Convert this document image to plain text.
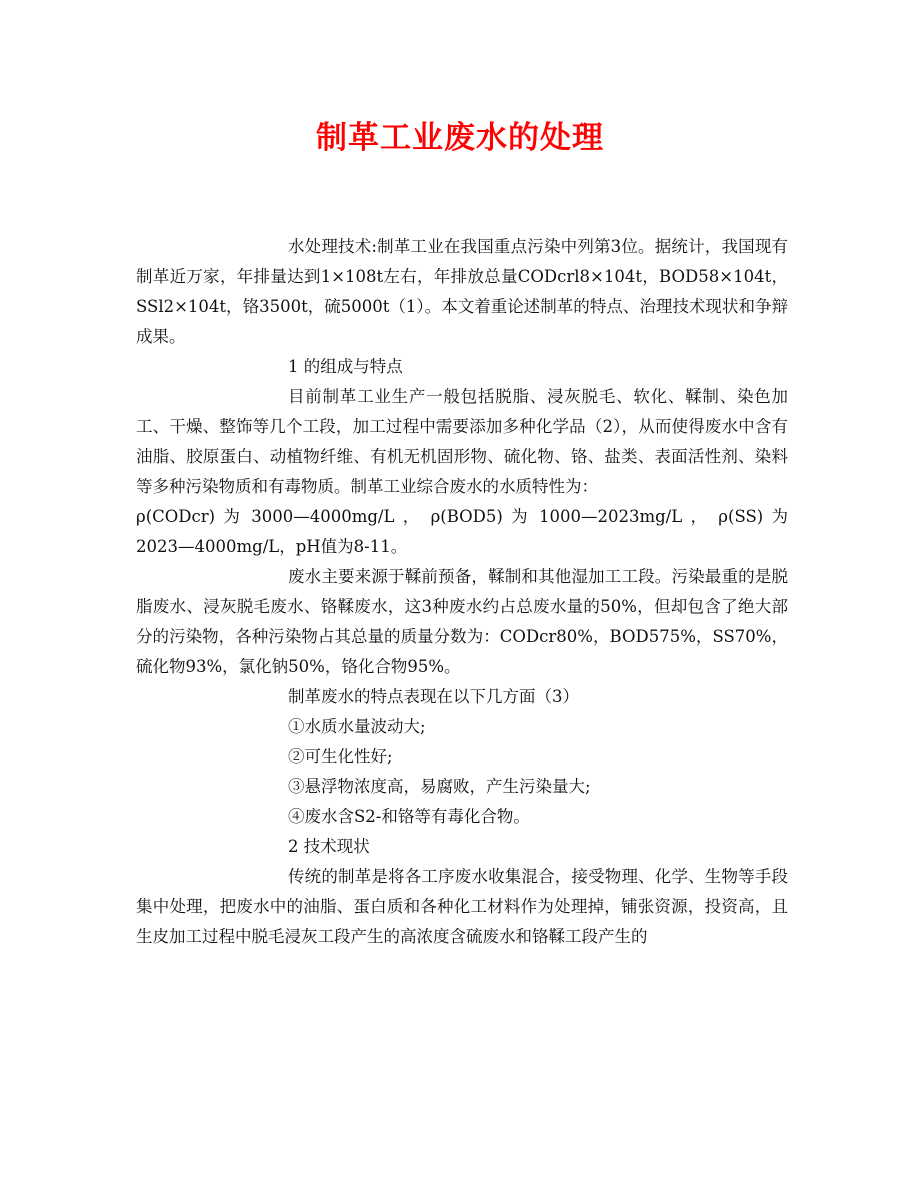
制革工业废水的处理

水处理技术:制革工业在我国重点污染中列第3位。据统计，我国现有制革近万家，年排量达到1×108t左右，年排放总量CODcrl8×104t，BOD58×104t，SSl2×104t，铬3500t，硫5000t（1）。本文着重论述制革的特点、治理技术现状和争辩成果。

1 的组成与特点

目前制革工业生产一般包括脱脂、浸灰脱毛、软化、鞣制、染色加工、干燥、整饰等几个工段，加工过程中需要添加多种化学品（2），从而使得废水中含有油脂、胶原蛋白、动植物纤维、有机无机固形物、硫化物、铬、盐类、表面活性剂、染料等多种污染物质和有毒物质。制革工业综合废水的水质特性为：

ρ(CODcr) 为 3000—4000mg/L ， ρ(BOD5) 为 1000—2023mg/L ， ρ(SS) 为

2023—4000mg/L，pH值为8-11。

废水主要来源于鞣前预备，鞣制和其他湿加工工段。污染最重的是脱脂废水、浸灰脱毛废水、铬鞣废水，这3种废水约占总废水量的50%，但却包含了绝大部分的污染物，各种污染物占其总量的质量分数为：CODcr80%，BOD575%，SS70%，硫化物93%，氯化钠50%，铬化合物95%。

制革废水的特点表现在以下几方面（3）

①水质水量波动大;

②可生化性好;

③悬浮物浓度高，易腐败，产生污染量大;

④废水含S2-和铬等有毒化合物。

2 技术现状

传统的制革是将各工序废水收集混合，接受物理、化学、生物等手段集中处理，把废水中的油脂、蛋白质和各种化工材料作为处理掉，铺张资源，投资高，且生皮加工过程中脱毛浸灰工段产生的高浓度含硫废水和铬鞣工段产生的
